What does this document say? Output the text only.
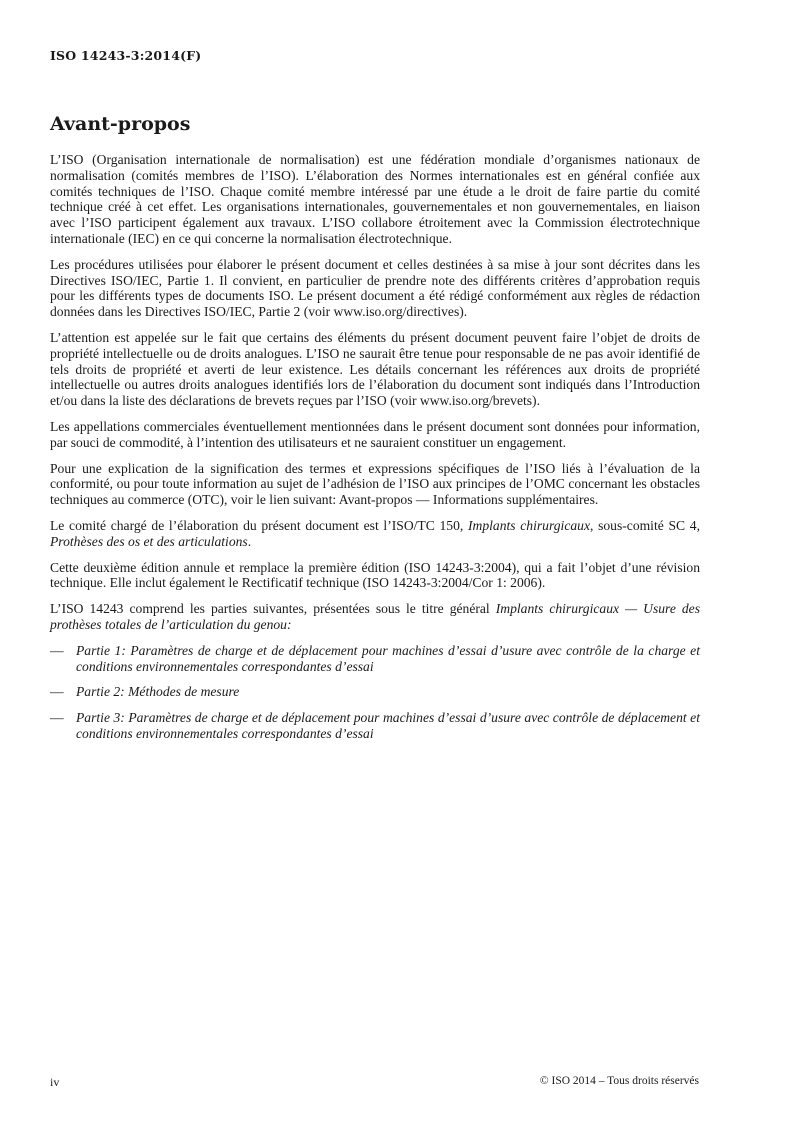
ISO 14243-3:2014(F)
Avant-propos

L’ISO (Organisation internationale de normalisation) est une fédération mondiale d’organismes nationaux de normalisation (comités membres de l’ISO). L’élaboration des Normes internationales est en général confiée aux comités techniques de l’ISO. Chaque comité membre intéressé par une étude a le droit de faire partie du comité technique créé à cet effet. Les organisations internationales, gouvernementales et non gouvernementales, en liaison avec l’ISO participent également aux travaux. L’ISO collabore étroitement avec la Commission électrotechnique internationale (IEC) en ce qui concerne la normalisation électrotechnique.

Les procédures utilisées pour élaborer le présent document et celles destinées à sa mise à jour sont décrites dans les Directives ISO/IEC, Partie 1. Il convient, en particulier de prendre note des différents critères d’approbation requis pour les différents types de documents ISO. Le présent document a été rédigé conformément aux règles de rédaction données dans les Directives ISO/IEC, Partie 2 (voir www.iso.org/directives).

L’attention est appelée sur le fait que certains des éléments du présent document peuvent faire l’objet de droits de propriété intellectuelle ou de droits analogues. L’ISO ne saurait être tenue pour responsable de ne pas avoir identifié de tels droits de propriété et averti de leur existence. Les détails concernant les références aux droits de propriété intellectuelle ou autres droits analogues identifiés lors de l’élaboration du document sont indiqués dans l’Introduction et/ou dans la liste des déclarations de brevets reçues par l’ISO (voir www.iso.org/brevets).

Les appellations commerciales éventuellement mentionnées dans le présent document sont données pour information, par souci de commodité, à l’intention des utilisateurs et ne sauraient constituer un engagement.

Pour une explication de la signification des termes et expressions spécifiques de l’ISO liés à l’évaluation de la conformité, ou pour toute information au sujet de l’adhésion de l’ISO aux principes de l’OMC concernant les obstacles techniques au commerce (OTC), voir le lien suivant: Avant-propos — Informations supplémentaires.

Le comité chargé de l’élaboration du présent document est l’ISO/TC 150, Implants chirurgicaux, sous-comité SC 4, Prothèses des os et des articulations.

Cette deuxième édition annule et remplace la première édition (ISO 14243-3:2004), qui a fait l’objet d’une révision technique. Elle inclut également le Rectificatif technique (ISO 14243-3:2004/Cor 1: 2006).

L’ISO 14243 comprend les parties suivantes, présentées sous le titre général Implants chirurgicaux — Usure des prothèses totales de l’articulation du genou:

— Partie 1: Paramètres de charge et de déplacement pour machines d’essai d’usure avec contrôle de la charge et conditions environnementales correspondantes d’essai
— Partie 2: Méthodes de mesure
— Partie 3: Paramètres de charge et de déplacement pour machines d’essai d’usure avec contrôle de déplacement et conditions environnementales correspondantes d’essai
iv	© ISO 2014 – Tous droits réservés
